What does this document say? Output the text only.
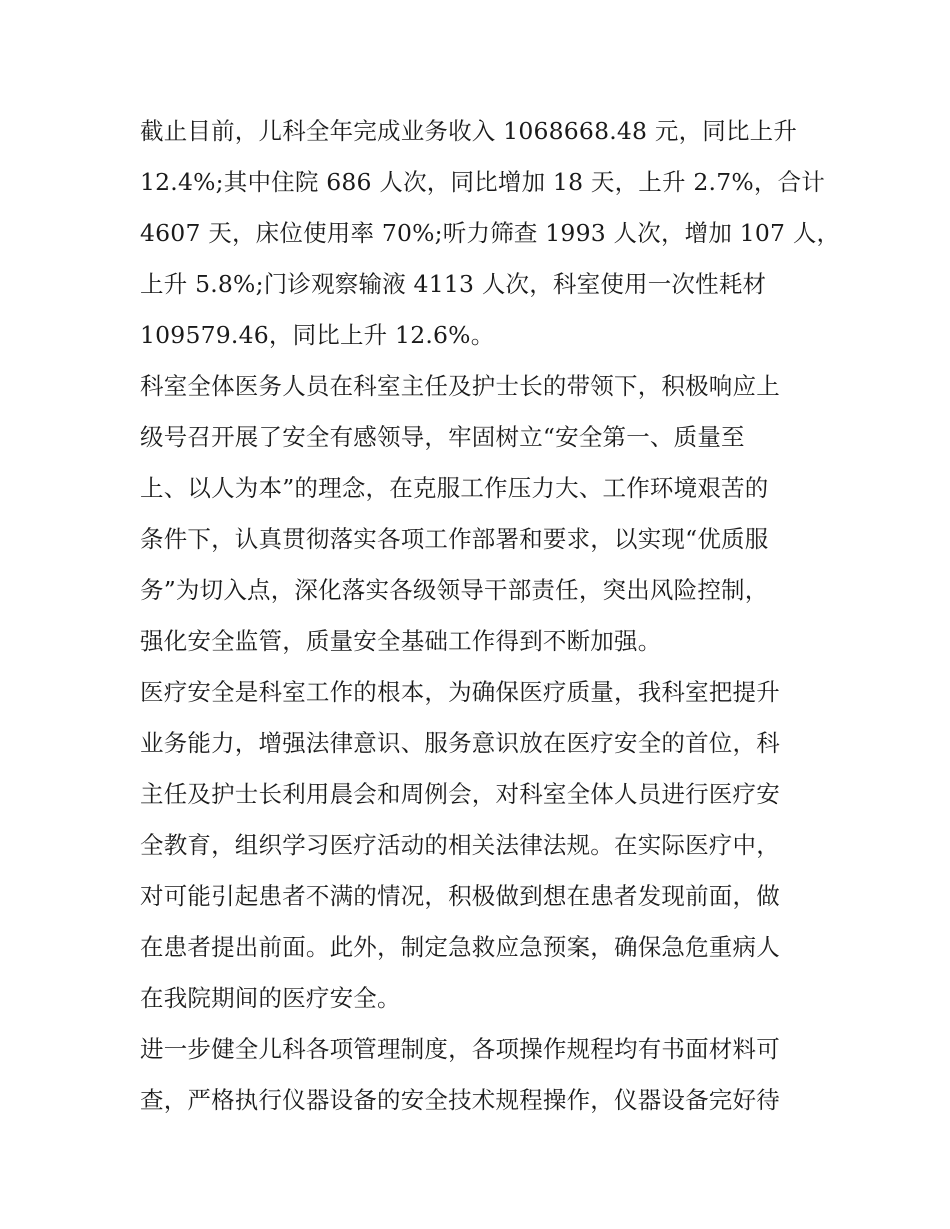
截止目前，儿科全年完成业务收入 1068668.48 元，同比上升
12.4%;其中住院 686 人次，同比增加 18 天，上升 2.7%，合计
4607 天，床位使用率 70%;听力筛查 1993 人次，增加 107 人，
上升 5.8%;门诊观察输液 4113 人次，科室使用一次性耗材
109579.46，同比上升 12.6%。
科室全体医务人员在科室主任及护士长的带领下，积极响应上
级号召开展了安全有感领导，牢固树立“安全第一、质量至
上、以人为本”的理念，在克服工作压力大、工作环境艰苦的
条件下，认真贯彻落实各项工作部署和要求，以实现“优质服
务”为切入点，深化落实各级领导干部责任，突出风险控制，
强化安全监管，质量安全基础工作得到不断加强。
医疗安全是科室工作的根本，为确保医疗质量，我科室把提升
业务能力，增强法律意识、服务意识放在医疗安全的首位，科
主任及护士长利用晨会和周例会，对科室全体人员进行医疗安
全教育，组织学习医疗活动的相关法律法规。在实际医疗中，
对可能引起患者不满的情况，积极做到想在患者发现前面，做
在患者提出前面。此外，制定急救应急预案，确保急危重病人
在我院期间的医疗安全。
进一步健全儿科各项管理制度，各项操作规程均有书面材料可
查，严格执行仪器设备的安全技术规程操作，仪器设备完好待
